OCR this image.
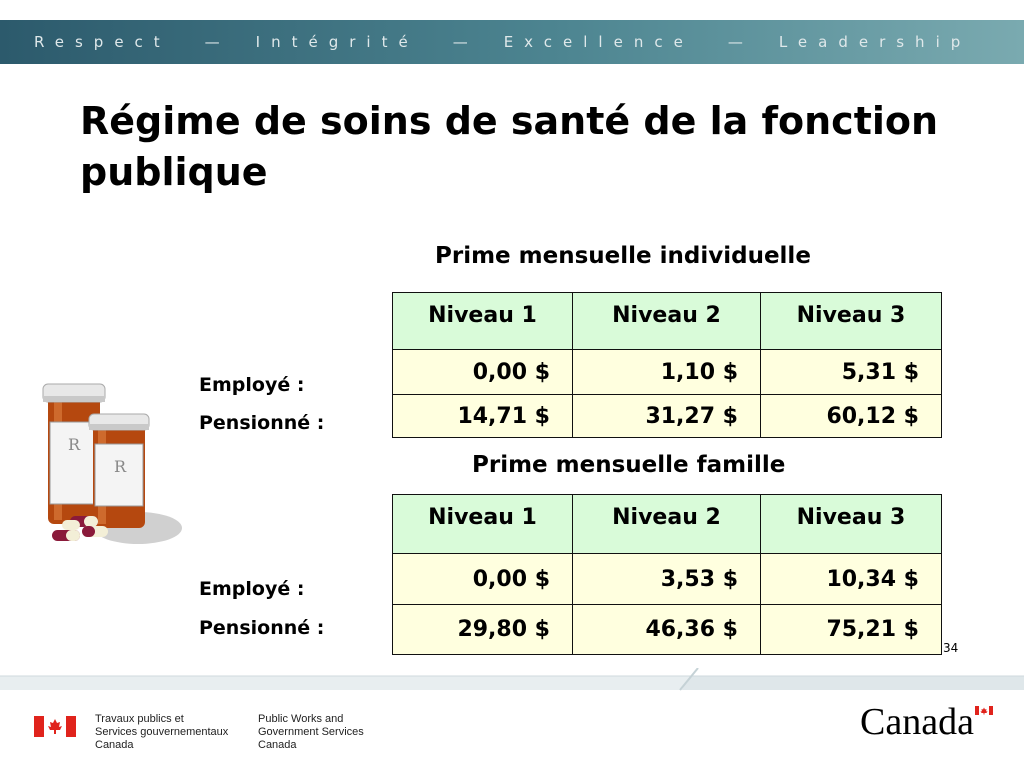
Respect — Intégrité — Excellence — Leadership
Régime de soins de santé de la fonction publique
R
R
Prime mensuelle individuelle
Employé :
Pensionné :
Niveau 1	Niveau 2	Niveau 3
0,00 $	1,10 $	5,31 $
14,71 $	31,27 $	60,12 $
Prime mensuelle famille
Employé :
Pensionné :
Niveau 1	Niveau 2	Niveau 3
0,00 $	3,53 $	10,34 $
29,80 $	46,36 $	75,21 $
34
Travaux publics et
Services gouvernementaux
Canada
Public Works and
Government Services
Canada
Canada
